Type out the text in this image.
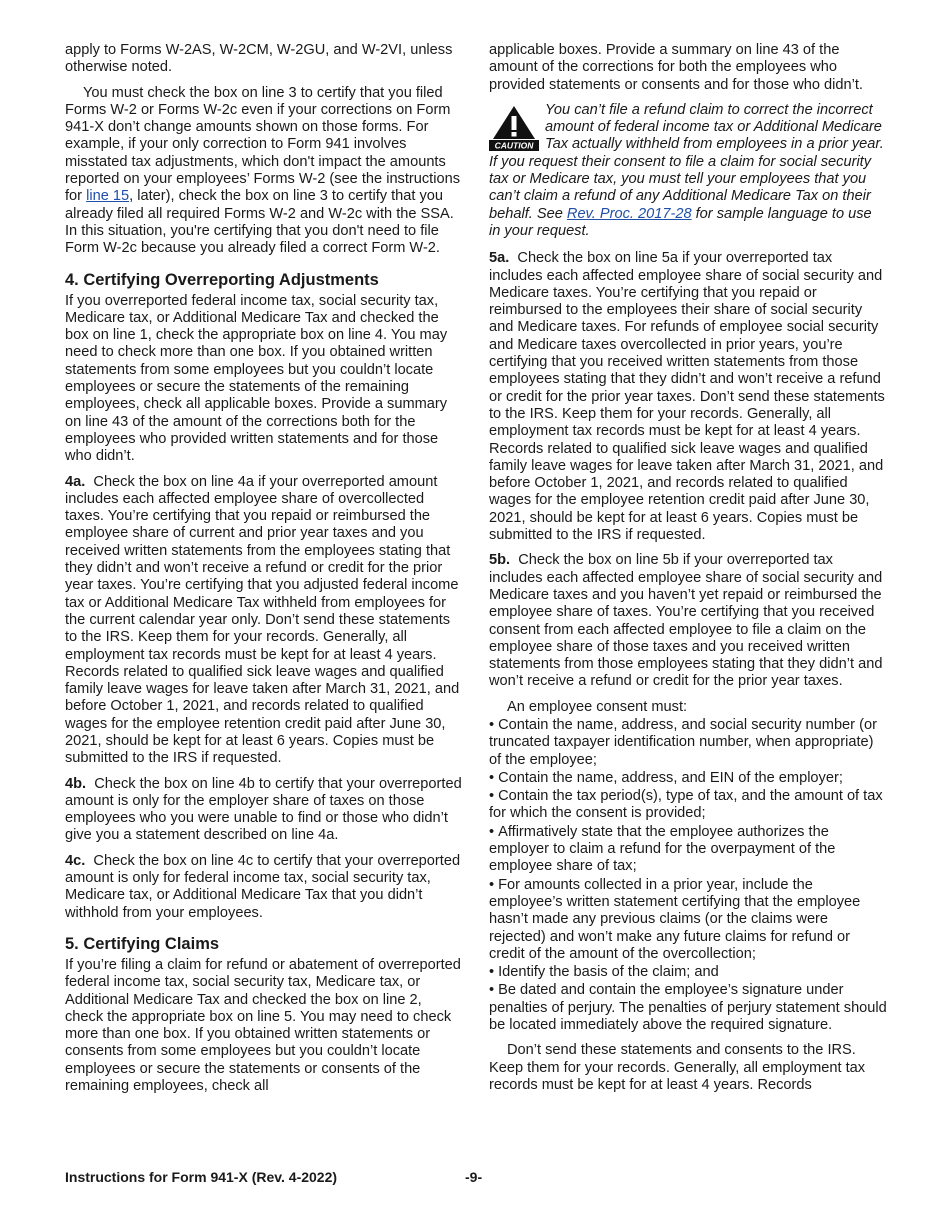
apply to Forms W-2AS, W-2CM, W-2GU, and W-2VI, unless otherwise noted.

You must check the box on line 3 to certify that you filed Forms W-2 or Forms W-2c even if your corrections on Form 941-X don’t change amounts shown on those forms. For example, if your only correction to Form 941 involves misstated tax adjustments, which don't impact the amounts reported on your employees’ Forms W-2 (see the instructions for line 15, later), check the box on line 3 to certify that you already filed all required Forms W-2 and W-2c with the SSA. In this situation, you're certifying that you don't need to file Form W-2c because you already filed a correct Form W-2.

4. Certifying Overreporting Adjustments

If you overreported federal income tax, social security tax, Medicare tax, or Additional Medicare Tax and checked the box on line 1, check the appropriate box on line 4. You may need to check more than one box. If you obtained written statements from some employees but you couldn’t locate employees or secure the statements of the remaining employees, check all applicable boxes. Provide a summary on line 43 of the amount of the corrections both for the employees who provided written statements and for those who didn’t.

4a. Check the box on line 4a if your overreported amount includes each affected employee share of overcollected taxes. You’re certifying that you repaid or reimbursed the employee share of current and prior year taxes and you received written statements from the employees stating that they didn’t and won’t receive a refund or credit for the prior year taxes. You’re certifying that you adjusted federal income tax or Additional Medicare Tax withheld from employees for the current calendar year only. Don’t send these statements to the IRS. Keep them for your records. Generally, all employment tax records must be kept for at least 4 years. Records related to qualified sick leave wages and qualified family leave wages for leave taken after March 31, 2021, and before October 1, 2021, and records related to qualified wages for the employee retention credit paid after June 30, 2021, should be kept for at least 6 years. Copies must be submitted to the IRS if requested.

4b. Check the box on line 4b to certify that your overreported amount is only for the employer share of taxes on those employees who you were unable to find or those who didn’t give you a statement described on line 4a.

4c. Check the box on line 4c to certify that your overreported amount is only for federal income tax, social security tax, Medicare tax, or Additional Medicare Tax that you didn’t withhold from your employees.

5. Certifying Claims

If you’re filing a claim for refund or abatement of overreported federal income tax, social security tax, Medicare tax, or Additional Medicare Tax and checked the box on line 2, check the appropriate box on line 5. You may need to check more than one box. If you obtained written statements or consents from some employees but you couldn’t locate employees or secure the statements or consents of the remaining employees, check all

applicable boxes. Provide a summary on line 43 of the amount of the corrections for both the employees who provided statements or consents and for those who didn’t.

CAUTION
You can’t file a refund claim to correct the incorrect amount of federal income tax or Additional Medicare Tax actually withheld from employees in a prior year. If you request their consent to file a claim for social security tax or Medicare tax, you must tell your employees that you can’t claim a refund of any Additional Medicare Tax on their behalf. See Rev. Proc. 2017-28 for sample language to use in your request.

5a. Check the box on line 5a if your overreported tax includes each affected employee share of social security and Medicare taxes. You’re certifying that you repaid or reimbursed to the employees their share of social security and Medicare taxes. For refunds of employee social security and Medicare taxes overcollected in prior years, you’re certifying that you received written statements from those employees stating that they didn’t and won’t receive a refund or credit for the prior year taxes. Don’t send these statements to the IRS. Keep them for your records. Generally, all employment tax records must be kept for at least 4 years. Records related to qualified sick leave wages and qualified family leave wages for leave taken after March 31, 2021, and before October 1, 2021, and records related to qualified wages for the employee retention credit paid after June 30, 2021, should be kept for at least 6 years. Copies must be submitted to the IRS if requested.

5b. Check the box on line 5b if your overreported tax includes each affected employee share of social security and Medicare taxes and you haven’t yet repaid or reimbursed the employee share of taxes. You’re certifying that you received consent from each affected employee to file a claim on the employee share of those taxes and you received written statements from those employees stating that they didn’t and won’t receive a refund or credit for the prior year taxes.

An employee consent must:

• Contain the name, address, and social security number (or truncated taxpayer identification number, when appropriate) of the employee;
• Contain the name, address, and EIN of the employer;
• Contain the tax period(s), type of tax, and the amount of tax for which the consent is provided;
• Affirmatively state that the employee authorizes the employer to claim a refund for the overpayment of the employee share of tax;
• For amounts collected in a prior year, include the employee’s written statement certifying that the employee hasn’t made any previous claims (or the claims were rejected) and won’t make any future claims for refund or credit of the amount of the overcollection;
• Identify the basis of the claim; and
• Be dated and contain the employee’s signature under penalties of perjury. The penalties of perjury statement should be located immediately above the required signature.

Don’t send these statements and consents to the IRS. Keep them for your records. Generally, all employment tax records must be kept for at least 4 years. Records

Instructions for Form 941-X (Rev. 4-2022)	-9-
